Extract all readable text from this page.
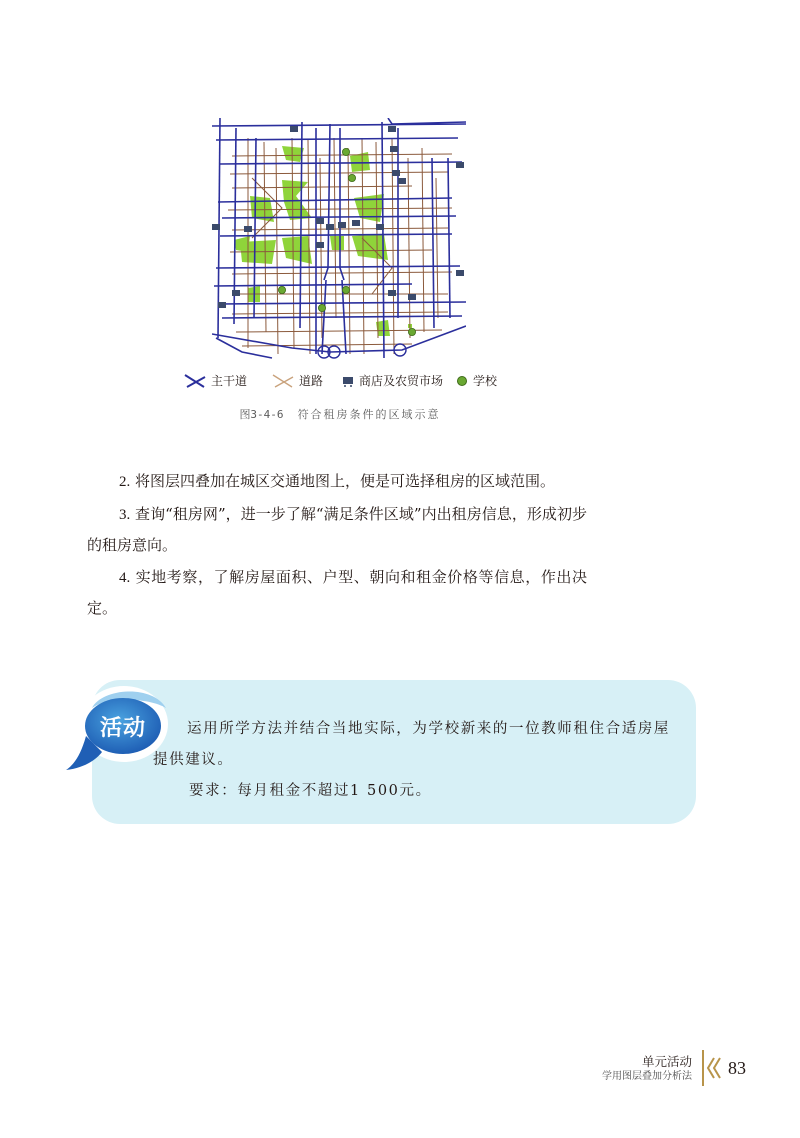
主干道	道路	商店及农贸市场 学校
图3-4-6 符合租房条件的区域示意

2. 将图层四叠加在城区交通地图上，便是可选择租房的区域范围。

3. 查询“租房网”，进一步了解“满足条件区域”内出租房信息，形成初步的租房意向。

4. 实地考察，了解房屋面积、户型、朝向和租金价格等信息，作出决定。

活动	运用所学方法并结合当地实际，为学校新来的一位教师租住合适房屋
提供建议。
要求：每月租金不超过1 500元。
单元活动
学用图层叠加分析法 83
